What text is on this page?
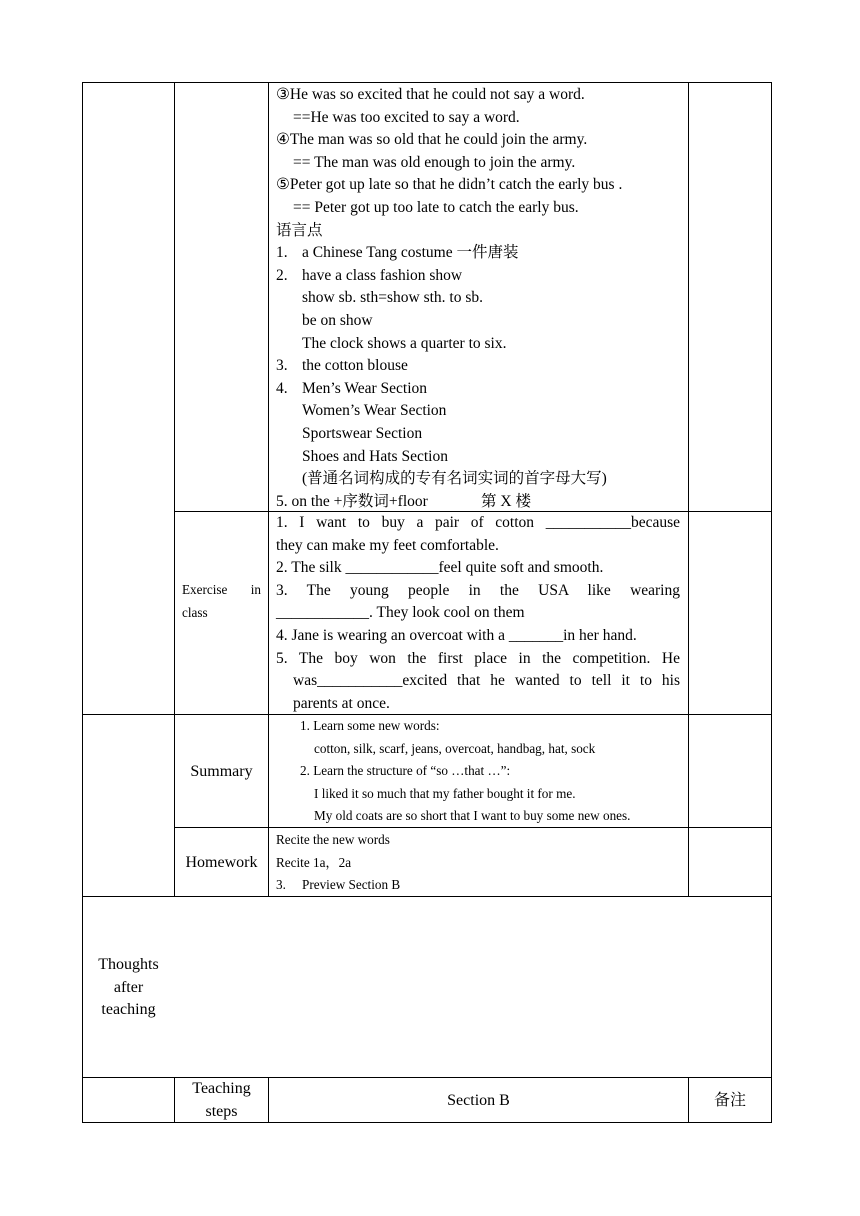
③He was so excited that he could not say a word.
==He was too excited to say a word.
④The man was so old that he could join the army.
== The man was old enough to join the army.
⑤Peter got up late so that he didn’t catch the early bus .
== Peter got up too late to catch the early bus.
语言点
1. a Chinese Tang costume 一件唐装
2. have a class fashion show
show sb. sth=show sth. to sb.
be on show
The clock shows a quarter to six.
3. the cotton blouse
4. Men’s Wear Section
Women’s Wear Section
Sportswear Section
Shoes and Hats Section
(普通名词构成的专有名词实词的首字母大写)
5. on the +序数词+floor	第 X 楼
Exercise in
class
1. I want to buy a pair of cotton ___________because
they can make my feet comfortable.
2. The silk ____________feel quite soft and smooth.
3. The young people in the USA like wearing
____________. They look cool on them
4. Jane is wearing an overcoat with a _______in her hand.
5. The boy won the first place in the competition. He
was___________excited that he wanted to tell it to his
parents at once.
Summary
1. Learn some new words:
cotton, silk, scarf, jeans, overcoat, handbag, hat, sock
2. Learn the structure of “so …that …”:
I liked it so much that my father bought it for me.
My old coats are so short that I want to buy some new ones.
Homework
Recite the new words
Recite 1a，2a
3. Preview Section B
Thoughts
after
teaching
Teaching
steps
Section B	备注
